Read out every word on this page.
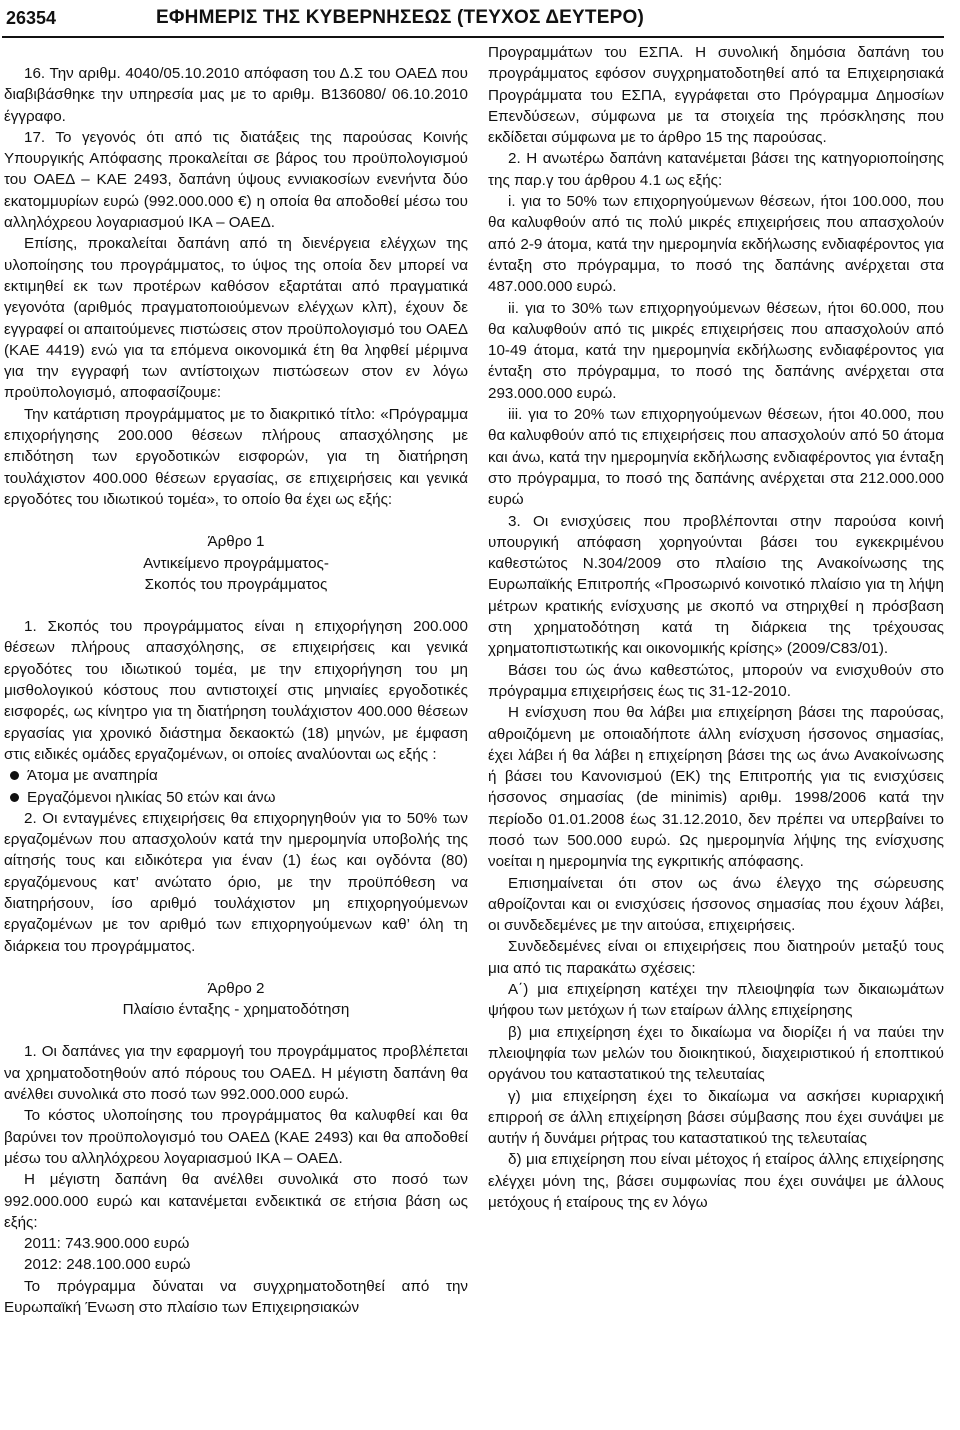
26354	ΕΦΗΜΕΡΙΣ ΤΗΣ ΚΥΒΕΡΝΗΣΕΩΣ (ΤΕΥΧΟΣ ΔΕΥΤΕΡΟ)

16. Την αριθμ. 4040/05.10.2010 απόφαση του Δ.Σ του ΟΑΕΔ που διαβιβάσθηκε την υπηρεσία μας με το αριθμ. Β136080/ 06.10.2010 έγγραφο.

17. Το γεγονός ότι από τις διατάξεις της παρούσας Κοινής Υπουργικής Απόφασης προκαλείται σε βάρος του προϋπολογισμού του ΟΑΕΔ – ΚΑΕ 2493, δαπάνη ύψους εννιακοσίων ενενήντα δύο εκατομμυρίων ευρώ (992.000.000 €) η οποία θα αποδοθεί μέσω του αλληλόχρεου λογαριασμού ΙΚΑ – ΟΑΕΔ.

Επίσης, προκαλείται δαπάνη από τη διενέργεια ελέγχων της υλοποίησης του προγράμματος, το ύψος της οποία δεν μπορεί να εκτιμηθεί εκ των προτέρων καθόσον εξαρτάται από πραγματικά γεγονότα (αριθμός πραγματοποιούμενων ελέγχων κλπ), έχουν δε εγγραφεί οι απαιτούμενες πιστώσεις στον προϋπολογισμό του ΟΑΕΔ (ΚΑΕ 4419) ενώ για τα επόμενα οικονομικά έτη θα ληφθεί μέριμνα για την εγγραφή των αντίστοιχων πιστώσεων στον εν λόγω προϋπολογισμό, αποφασίζουμε:

Την κατάρτιση προγράμματος με το διακριτικό τίτλο: «Πρόγραμμα επιχορήγησης 200.000 θέσεων πλήρους απασχόλησης με επιδότηση των εργοδοτικών εισφορών, για τη διατήρηση τουλάχιστον 400.000 θέσεων εργασίας, σε επιχειρήσεις και γενικά εργοδότες του ιδιωτικού τομέα», το οποίο θα έχει ως εξής:

Άρθρο 1
Αντικείμενο προγράμματος-
Σκοπός του προγράμματος

1. Σκοπός του προγράμματος είναι η επιχορήγηση 200.000 θέσεων πλήρους απασχόλησης, σε επιχειρήσεις και γενικά εργοδότες του ιδιωτικού τομέα, με την επιχορήγηση του μη μισθολογικού κόστους που αντιστοιχεί στις μηνιαίες εργοδοτικές εισφορές, ως κίνητρο για τη διατήρηση τουλάχιστον 400.000 θέσεων εργασίας για χρονικό διάστημα δεκαοκτώ (18) μηνών, με έμφαση στις ειδικές ομάδες εργαζομένων, οι οποίες αναλύονται ως εξής :

Άτομα με αναπηρία
Εργαζόμενοι ηλικίας 50 ετών και άνω

2. Οι ενταγμένες επιχειρήσεις θα επιχορηγηθούν για το 50% των εργαζομένων που απασχολούν κατά την ημερομηνία υποβολής της αίτησής τους και ειδικότερα για έναν (1) έως και ογδόντα (80) εργαζόμενους κατ’ ανώτατο όριο, με την προϋπόθεση να διατηρήσουν, ίσο αριθμό τουλάχιστον μη επιχορηγούμενων εργαζομένων με τον αριθμό των επιχορηγούμενων καθ’ όλη τη διάρκεια του προγράμματος.

Άρθρο 2
Πλαίσιο ένταξης - χρηματοδότηση

1. Οι δαπάνες για την εφαρμογή του προγράμματος προβλέπεται να χρηματοδοτηθούν από πόρους του ΟΑΕΔ. Η μέγιστη δαπάνη θα ανέλθει συνολικά στο ποσό των 992.000.000 ευρώ.

Το κόστος υλοποίησης του προγράμματος θα καλυφθεί και θα βαρύνει τον προϋπολογισμό του ΟΑΕΔ (ΚΑΕ 2493) και θα αποδοθεί μέσω του αλληλόχρεου λογαριασμού ΙΚΑ – ΟΑΕΔ.

Η μέγιστη δαπάνη θα ανέλθει συνολικά στο ποσό των 992.000.000 ευρώ και κατανέμεται ενδεικτικά σε ετήσια βάση ως εξής:

2011: 743.900.000 ευρώ

2012: 248.100.000 ευρώ

Το πρόγραμμα δύναται να συγχρηματοδοτηθεί από την Ευρωπαϊκή Ένωση στο πλαίσιο των Επιχειρησιακών

Προγραμμάτων του ΕΣΠΑ. Η συνολική δημόσια δαπάνη του προγράμματος εφόσον συγχρηματοδοτηθεί από τα Επιχειρησιακά Προγράμματα του ΕΣΠΑ, εγγράφεται στο Πρόγραμμα Δημοσίων Επενδύσεων, σύμφωνα με τα στοιχεία της πρόσκλησης που εκδίδεται σύμφωνα με το άρθρο 15 της παρούσας.

2. Η ανωτέρω δαπάνη κατανέμεται βάσει της κατηγοριοποίησης της παρ.γ του άρθρου 4.1 ως εξής:

i. για το 50% των επιχορηγούμενων θέσεων, ήτοι 100.000, που θα καλυφθούν από τις πολύ μικρές επιχειρήσεις που απασχολούν από 2-9 άτομα, κατά την ημερομηνία εκδήλωσης ενδιαφέροντος για ένταξη στο πρόγραμμα, το ποσό της δαπάνης ανέρχεται στα 487.000.000 ευρώ.

ii. για το 30% των επιχορηγούμενων θέσεων, ήτοι 60.000, που θα καλυφθούν από τις μικρές επιχειρήσεις που απασχολούν από 10-49 άτομα, κατά την ημερομηνία εκδήλωσης ενδιαφέροντος για ένταξη στο πρόγραμμα, το ποσό της δαπάνης ανέρχεται στα 293.000.000 ευρώ.

iii. για το 20% των επιχορηγούμενων θέσεων, ήτοι 40.000, που θα καλυφθούν από τις επιχειρήσεις που απασχολούν από 50 άτομα και άνω, κατά την ημερομηνία εκδήλωσης ενδιαφέροντος για ένταξη στο πρόγραμμα, το ποσό της δαπάνης ανέρχεται στα 212.000.000 ευρώ

3. Οι ενισχύσεις που προβλέπονται στην παρούσα κοινή υπουργική απόφαση χορηγούνται βάσει του εγκεκριμένου καθεστώτος Ν.304/2009 στο πλαίσιο της Ανακοίνωσης της Ευρωπαϊκής Επιτροπής «Προσωρινό κοινοτικό πλαίσιο για τη λήψη μέτρων κρατικής ενίσχυσης με σκοπό να στηριχθεί η πρόσβαση στη χρηματοδότηση κατά τη διάρκεια της τρέχουσας χρηματοπιστωτικής και οικονομικής κρίσης» (2009/C83/01).

Βάσει του ώς άνω καθεστώτος, μπορούν να ενισχυθούν στο πρόγραμμα επιχειρήσεις έως τις 31-12-2010.

Η ενίσχυση που θα λάβει μια επιχείρηση βάσει της παρούσας, αθροιζόμενη με οποιαδήποτε άλλη ενίσχυση ήσσονος σημασίας, έχει λάβει ή θα λάβει η επιχείρηση βάσει της ως άνω Ανακοίνωσης ή βάσει του Κανονισμού (ΕΚ) της Επιτροπής για τις ενισχύσεις ήσσονος σημασίας (de minimis) αριθμ. 1998/2006 κατά την περίοδο 01.01.2008 έως 31.12.2010, δεν πρέπει να υπερβαίνει το ποσό των 500.000 ευρώ. Ως ημερομηνία λήψης της ενίσχυσης νοείται η ημερομηνία της εγκριτικής απόφασης.

Επισημαίνεται ότι στον ως άνω έλεγχο της σώρευσης αθροίζονται και οι ενισχύσεις ήσσονος σημασίας που έχουν λάβει, οι συνδεδεμένες με την αιτούσα, επιχειρήσεις.

Συνδεδεμένες είναι οι επιχειρήσεις που διατηρούν μεταξύ τους μια από τις παρακάτω σχέσεις:

Α΄) μια επιχείρηση κατέχει την πλειοψηφία των δικαιωμάτων ψήφου των μετόχων ή των εταίρων άλλης επιχείρησης

β) μια επιχείρηση έχει το δικαίωμα να διορίζει ή να παύει την πλειοψηφία των μελών του διοικητικού, διαχειριστικού ή εποπτικού οργάνου του καταστατικού της τελευταίας

γ) μια επιχείρηση έχει το δικαίωμα να ασκήσει κυριαρχική επιρροή σε άλλη επιχείρηση βάσει σύμβασης που έχει συνάψει με αυτήν ή δυνάμει ρήτρας του καταστατικού της τελευταίας

δ) μια επιχείρηση που είναι μέτοχος ή εταίρος άλλης επιχείρησης ελέγχει μόνη της, βάσει συμφωνίας που έχει συνάψει με άλλους μετόχους ή εταίρους της εν λόγω
